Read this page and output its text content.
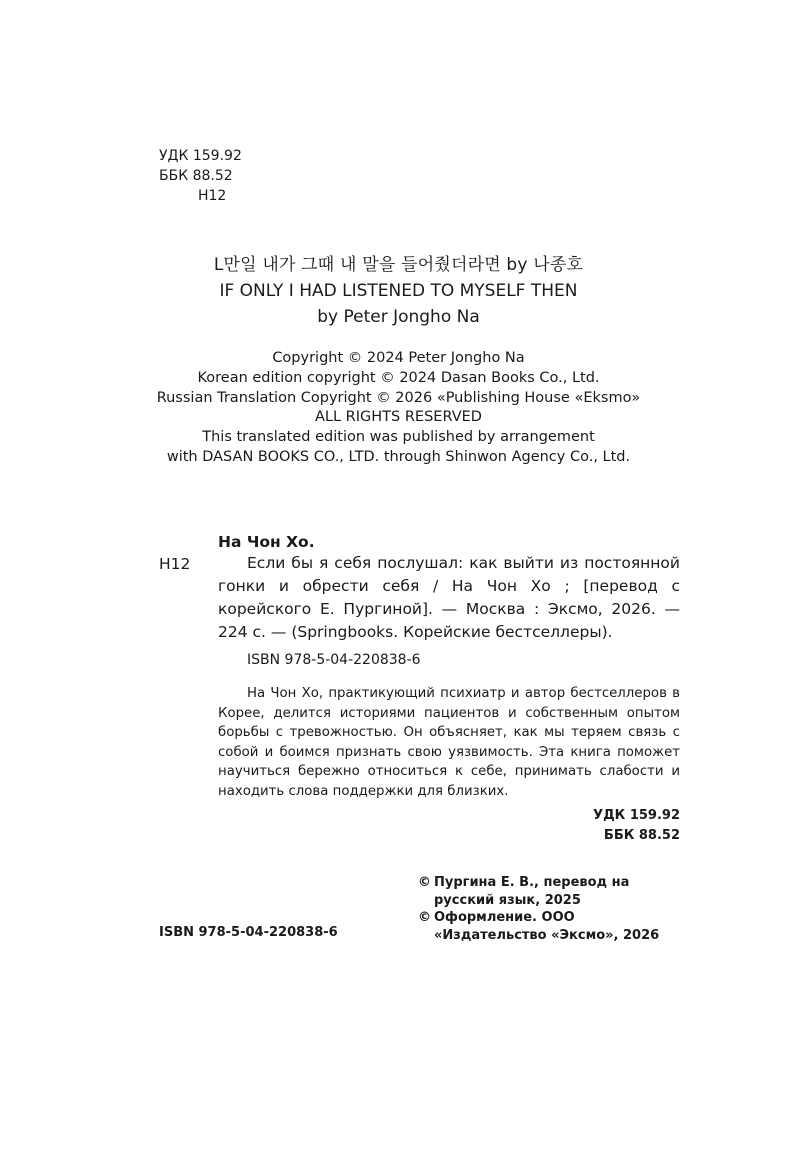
УДК 159.92
ББК 88.52
Н12
L만일 내가 그때 내 말을 들어줬더라면 by 나종호
IF ONLY I HAD LISTENED TO MYSELF THEN
by Peter Jongho Na
Copyright © 2024 Peter Jongho Na
Korean edition copyright © 2024 Dasan Books Co., Ltd.
Russian Translation Copyright © 2026 «Publishing House «Eksmo»
ALL RIGHTS RESERVED
This translated edition was published by arrangement
with DASAN BOOKS CO., LTD. through Shinwon Agency Co., Ltd.
На Чон Хо.
Н12	Если бы я себя послушал: как выйти из постоянной гонки и обрести себя / На Чон Хо ; [перевод с корейского Е. Пургиной]. — Москва : Эксмо, 2026. — 224 с. — (Springbooks. Корейские бестселлеры).

ISBN 978-5-04-220838-6

На Чон Хо, практикующий психиатр и автор бестселлеров в Корее, делится историями пациентов и собственным опытом борьбы с тревожностью. Он объясняет, как мы теряем связь с собой и боимся признать свою уязвимость. Эта книга поможет научиться бережно относиться к себе, принимать слабости и находить слова поддержки для близких.

УДК 159.92
ББК 88.52
ISBN 978-5-04-220838-6
© Пургина Е. В., перевод на русский язык, 2025
© Оформление. ООО «Издательство «Эксмо», 2026
